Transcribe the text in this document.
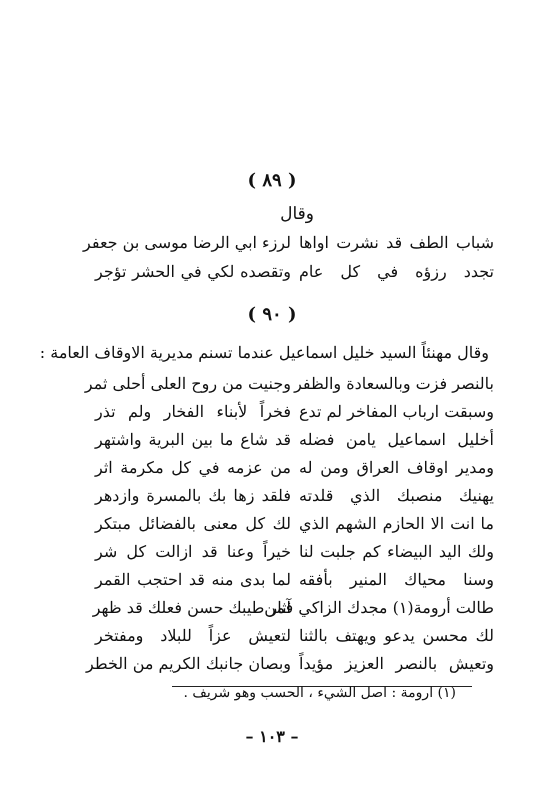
( ٨٩ )
وقال
شباب الطف قد نشرت اواها
لرزء ابي الرضا موسى بن جعفر
تجدد رزؤه في كل عام
وتقصده لكي في الحشر تؤجر
( ٩٠ )
وقال مهنئاً السيد خليل اسماعيل عندما تسنم مديرية الاوقاف العامة :
بالنصر فزت وبالسعادة والظفر
وجنيت من روح العلى أحلى ثمر
وسبقت ارباب المفاخر لم تدع
فخراً لأبناء الفخار ولم تذر
أخليل اسماعيل يامن فضله
قد شاع ما بين البرية واشتهر
ومدير اوقاف العراق ومن له
من عزمه في كل مكرمة اثر
يهنيك منصبك الذي قلدته
فلقد زها بك بالمسرة وازدهر
ما انت الا الحازم الشهم الذي
لك كل معنى بالفضائل مبتكر
ولك اليد البيضاء كم جلبت لنا
خيراً وعنا قد ازالت كل شر
وسنا محياك المنير بأفقه
لما بدى منه قد احتجب القمر
طالت أرومة(١) مجدك الزاكي فمن
آثار طيبك حسن فعلك قد ظهر
لك محسن يدعو ويهتف بالثنا
لتعيش عزاً للبلاد ومفتخر
وتعيش بالنصر العزيز مؤيداً
وبصان جانبك الكريم من الخطر
(١) ارومة : اصل الشيء ، الحسب وهو شريف .
– ١٠٣ –
